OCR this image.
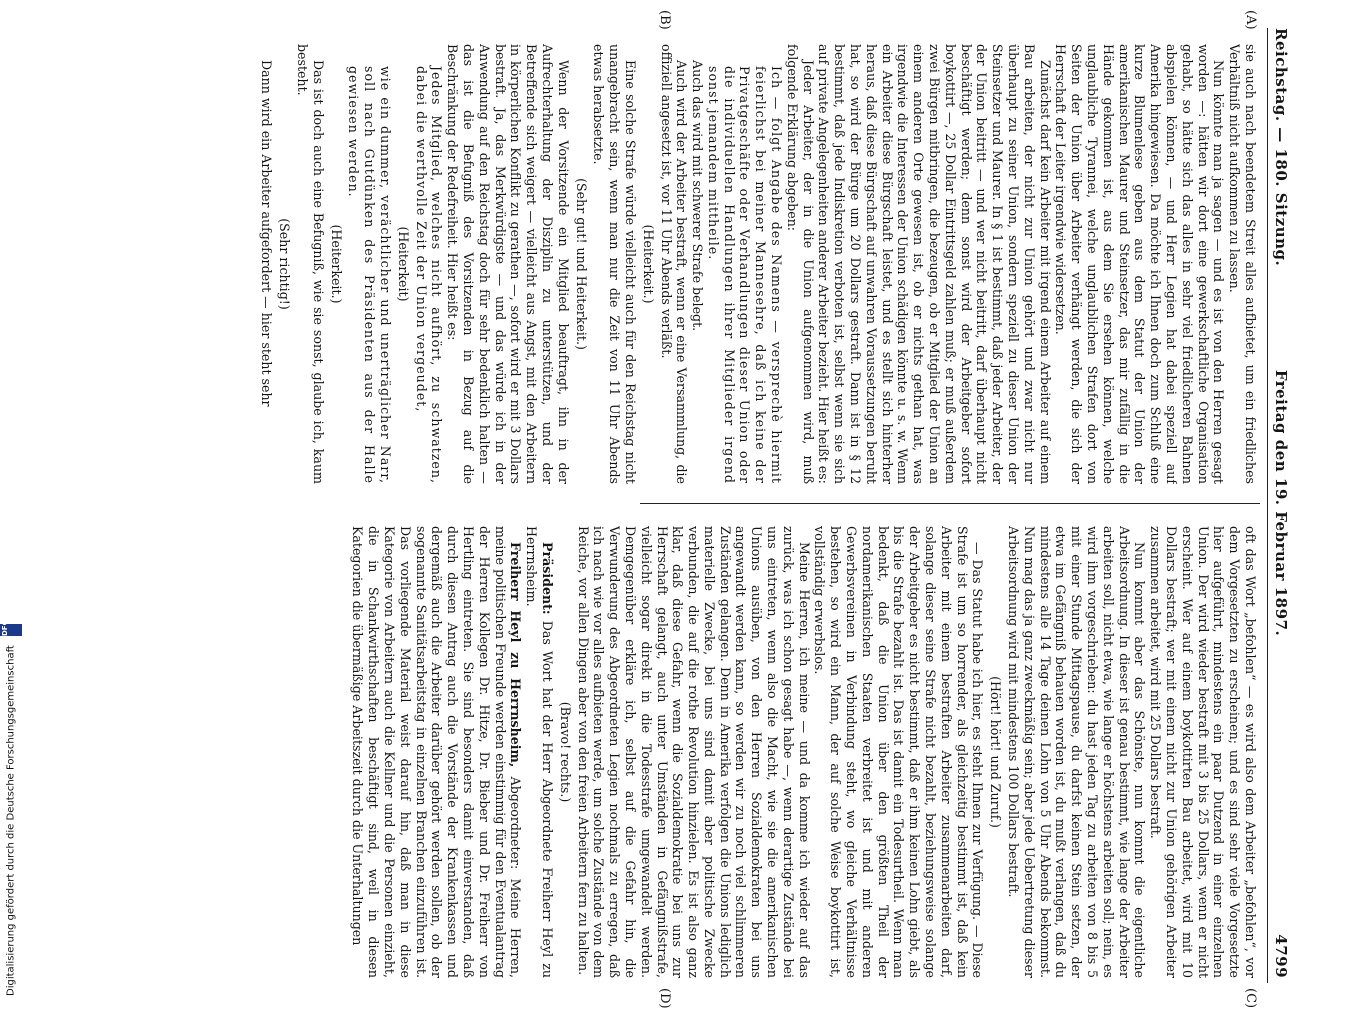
Reichstag. — 180. Sitzung.
Freitag den 19. Februar 1897.
4799
(A)
(B)
(C)
(D)

sie auch nach beendetem Streit alles aufbietet, um ein friedliches Verhältniß nicht aufkommen zu lassen.

Nun könnte man ja sagen — und es ist von den Herren gesagt worden —: hätten wir dort eine gewerkschaftliche Organisation gehabt, so hätte sich das alles in sehr viel friedlicheren Bahnen abspielen können, — und Herr Legien hat dabei speziell auf Amerika hingewiesen. Da möchte ich Ihnen doch zum Schluß eine kurze Blumenlese geben aus dem Statut der Union der amerikanischen Maurer und Steinsetzer, das mir zufällig in die Hände gekommen ist, aus dem Sie ersehen können, welche unglaubliche Tyrannei, welche unglaublichen Strafen dort von Seiten der Union über Arbeiter verhängt werden, die sich der Herrschaft der Leiter irgendwie widersetzen.

Zunächst darf kein Arbeiter mit irgend einem Arbeiter auf einem Bau arbeiten, der nicht zur Union gehört und zwar nicht nur überhaupt zu seiner Union, sondern speziell zu dieser Union der Steinsetzer und Maurer. In § 1 ist bestimmt, daß jeder Arbeiter, der der Union beitritt — und wer nicht beitritt, darf überhaupt nicht beschäftigt werden; denn sonst wird der Arbeitgeber sofort boykottirt —, 25 Dollar Eintrittsgeld zahlen muß; er muß außerdem zwei Bürgen mitbringen, die bezeugen, ob er Mitglied der Union an einem anderen Orte gewesen ist, ob er nichts gethan hat, was irgendwie die Interessen der Union schädigen könnte u. s. w. Wenn ein Arbeiter diese Bürgschaft leistet, und es stellt sich hinterher heraus, daß diese Bürgschaft auf unwahren Voraussetzungen beruht hat, so wird der Bürge um 20 Dollars gestraft. Dann ist in § 12 bestimmt, daß jede Indiskretion verboten ist, selbst wenn sie sich auf private Angelegenheiten anderer Arbeiter bezieht. Hier heißt es:

Jeder Arbeiter, der in die Union aufgenommen wird, muß folgende Erklärung abgeben:

Ich — folgt Angabe des Namens — versprechè hiermit feierlichst bei meiner Mannesehre, daß ich keine der Privatgeschäfte oder Verhandlungen dieser Union oder die individuellen Handlungen ihrer Mitglieder irgend sonst jemandem mittheile.

Auch das wird mit schwerer Strafe belegt.

Auch wird der Arbeiter bestraft, wenn er eine Versammlung, die offiziell angesetzt ist, vor 11 Uhr Abends verläßt.

(Heiterkeit.)

Eine solche Strafe würde vielleicht auch für den Reichstag nicht unangebracht sein, wenn man nur die Zeit von 11 Uhr Abends etwas herabsetzte.

(Sehr gut! und Heiterkeit.)

Wenn der Vorsitzende ein Mitglied beauftragt, ihn in der Aufrechterhaltung der Disziplin zu unterstützen, und der Betreffende sich weigert — vielleicht aus Angst, mit den Arbeitern in körperlichen Konflikt zu gerathen —, sofort wird er mit 3 Dollars bestraft. Ja, das Merkwürdigste — und das würde ich in der Anwendung auf den Reichstag doch für sehr bedenklich halten — das ist die Befugniß des Vorsitzenden in Bezug auf die Beschränkung der Redefreiheit. Hier heißt es:

Jedes Mitglied, welches nicht aufhört, zu schwatzen, dabei die werthvolle Zeit der Union vergeudet,

(Heiterkeit)

wie ein dummer, verächtlicher und unerträglicher Narr, soll nach Gutdünken des Präsidenten aus der Halle gewiesen werden.

(Heiterkeit.)

Das ist doch auch eine Befugniß, wie sie sonst, glaube ich, kaum besteht.

(Sehr richtig!)

Dann wird ein Arbeiter aufgefordert — hier steht sehr

oft das Wort „befohlen“ — es wird also dem Arbeiter „befohlen“, vor dem Vorgesetzten zu erscheinen; und es sind sehr viele Vorgesetzte hier aufgeführt, mindestens ein paar Dutzend in einer einzelnen Union. Der wird wieder bestraft mit 3 bis 25 Dollars, wenn er nicht erscheint. Wer auf einem boykottirten Bau arbeitet, wird mit 10 Dollars bestraft; wer mit einem nicht zur Union gehörigen Arbeiter zusammen arbeitet, wird mit 25 Dollars bestraft.

Nun kommt aber das Schönste, nun kommt die eigentliche Arbeitsordnung. In dieser ist genau bestimmt, wie lange der Arbeiter arbeiten soll, nicht etwa, wie lange er höchstens arbeiten soll; nein, es wird ihm vorgeschrieben: du hast jeden Tag zu arbeiten von 8 bis 5 mit einer Stunde Mittagspause, du darfst keinen Stein setzen, der etwa im Gefängniß behauen worden ist, du mußt verlangen, daß du mindestens alle 14 Tage deinen Lohn von 5 Uhr Abends bekommst. Nun mag das ja ganz zweckmäßig sein; aber jede Uebertretung dieser Arbeitsordnung wird mit mindestens 100 Dollars bestraft.

(Hört! hört! und Zuruf.)

— Das Statut habe ich hier, es steht Ihnen zur Verfügung. — Diese Strafe ist um so horrender, als gleichzeitig bestimmt ist, daß kein Arbeiter mit einem bestraften Arbeiter zusammenarbeiten darf, solange dieser seine Strafe nicht bezahlt, beziehungsweise solange der Arbeitgeber es nicht bestimmt, daß er ihm keinen Lohn giebt, als bis die Strafe bezahlt ist. Das ist damit ein Todesurtheil. Wenn man bedenkt, daß die Union über den größten Theil der nordamerikanischen Staaten verbreitet ist und mit anderen Gewerbsvereinen in Verbindung steht, wo gleiche Verhältnisse bestehen, so wird ein Mann, der auf solche Weise boykottirt ist, vollständig erwerbslos.

Meine Herren, ich meine — und da komme ich wieder auf das zurück, was ich schon gesagt habe —, wenn derartige Zustände bei uns eintreten, wenn also die Macht, wie sie die amerikanischen Unions ausüben, von den Herren Sozialdemokraten bei uns angewandt werden kann, so werden wir zu noch viel schlimmeren Zuständen gelangen. Denn in Amerika verfolgen die Unions lediglich materielle Zwecke, bei uns sind damit aber politische Zwecke verbunden, die auf die rothe Revolution hinzielen. Es ist also ganz klar, daß diese Gefahr, wenn die Sozialdemokratie bei uns zur Herrschaft gelangt, auch unter Umständen in Gefängnißstrafe, vielleicht sogar direkt in die Todesstrafe umgewandelt werden. Demgegenüber erkläre ich, selbst auf die Gefahr hin, die Verwunderung des Abgeordneten Legien nochmals zu erregen, daß ich nach wie vor alles aufbieten werde, um solche Zustände von dem Reiche, vor allen Dingen aber von den freien Arbeitern fern zu halten.

(Bravo! rechts.)

Präsident: Das Wort hat der Herr Abgeordnete Freiherr Heyl zu Herrnsheim.

Freiherr Heyl zu Herrnsheim, Abgeordneter: Meine Herren, meine politischen Freunde werden einstimmig für den Eventualantrag der Herren Kollegen Dr. Hitze, Dr. Bieber und Dr. Freiherr von Hertling eintreten. Sie sind besonders damit einverstanden, daß durch diesen Antrag auch die Vorstände der Krankenkassen und dergemäß auch die Arbeiter darüber gehört werden sollen, ob der sogenannte Sanitätsarbeitstag in einzelnen Branchen einzuführen ist. Das vorliegende Material weist darauf hin, daß man in diese Kategorie von Arbeitern auch die Kellner und die Personen einzieht, die in Schankwirthschaften beschäftigt sind, weil in diesen Kategorien die übermäßige Arbeitszeit durch die Unterhaltungen

Digitalisierung gefördert durch die Deutsche Forschungsgemeinschaft
DFG
